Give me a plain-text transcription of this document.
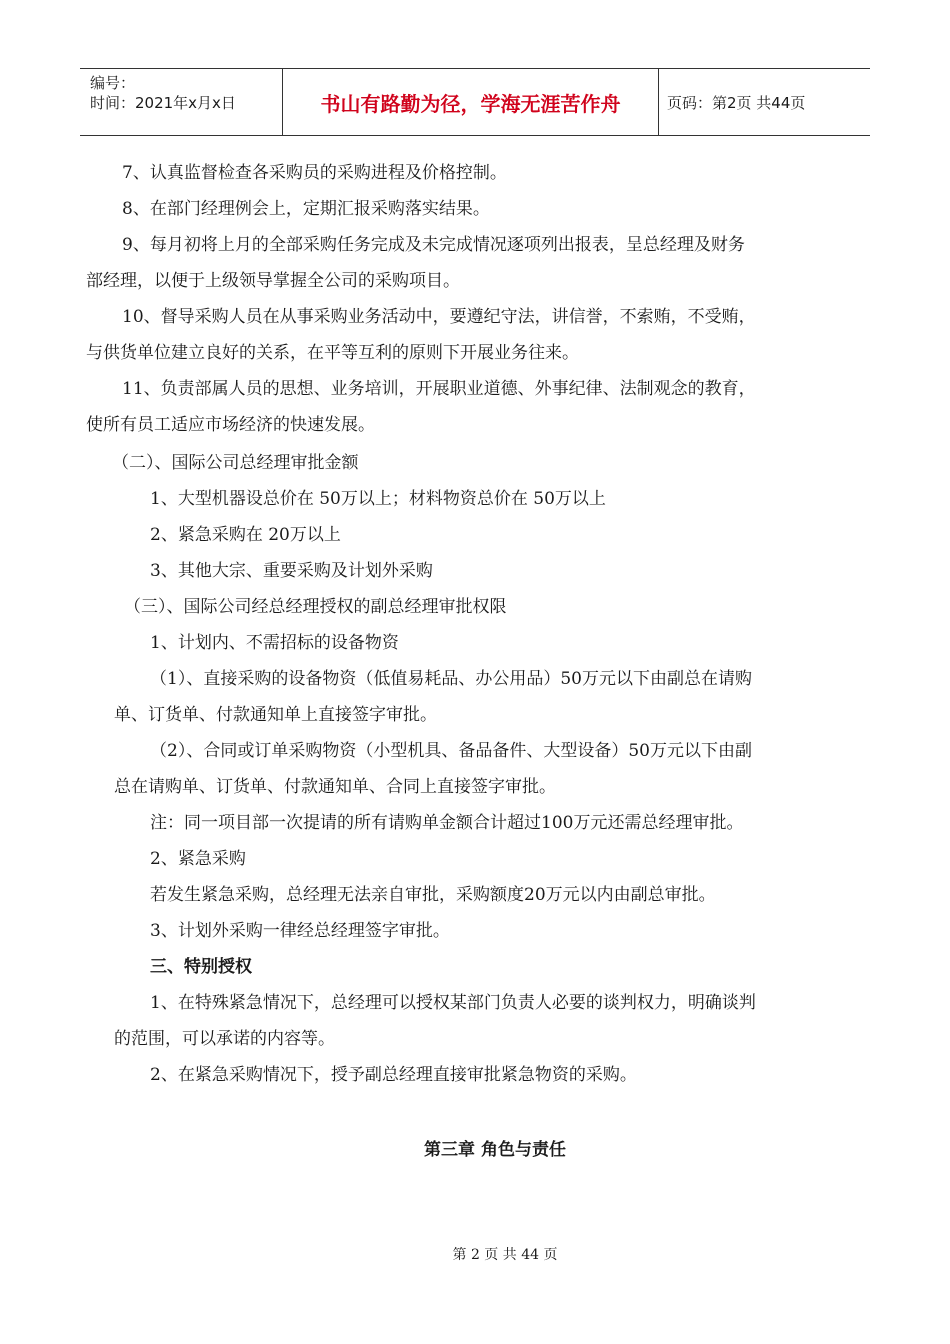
编号：
时间：2021年x月x日	书山有路勤为径，学海无涯苦作舟	页码：第2页 共44页
7、认真监督检查各采购员的采购进程及价格控制。
8、在部门经理例会上，定期汇报采购落实结果。
9、每月初将上月的全部采购任务完成及未完成情况逐项列出报表，呈总经理及财务
部经理，以便于上级领导掌握全公司的采购项目。
10、督导采购人员在从事采购业务活动中，要遵纪守法，讲信誉，不索贿，不受贿，
与供货单位建立良好的关系，在平等互利的原则下开展业务往来。
11、负责部属人员的思想、业务培训，开展职业道德、外事纪律、法制观念的教育，
使所有员工适应市场经济的快速发展。
（二）、国际公司总经理审批金额
1、大型机器设总价在 50万以上；材料物资总价在 50万以上
2、紧急采购在 20万以上
3、其他大宗、重要采购及计划外采购
（三）、国际公司经总经理授权的副总经理审批权限
1、计划内、不需招标的设备物资
（1）、直接采购的设备物资（低值易耗品、办公用品）50万元以下由副总在请购
单、订货单、付款通知单上直接签字审批。
（2）、合同或订单采购物资（小型机具、备品备件、大型设备）50万元以下由副
总在请购单、订货单、付款通知单、合同上直接签字审批。
注：同一项目部一次提请的所有请购单金额合计超过100万元还需总经理审批。
2、紧急采购
若发生紧急采购，总经理无法亲自审批，采购额度20万元以内由副总审批。
3、计划外采购一律经总经理签字审批。
三、特别授权
1、在特殊紧急情况下，总经理可以授权某部门负责人必要的谈判权力，明确谈判
的范围，可以承诺的内容等。
2、在紧急采购情况下，授予副总经理直接审批紧急物资的采购。
第三章 角色与责任
第 2 页 共 44 页
